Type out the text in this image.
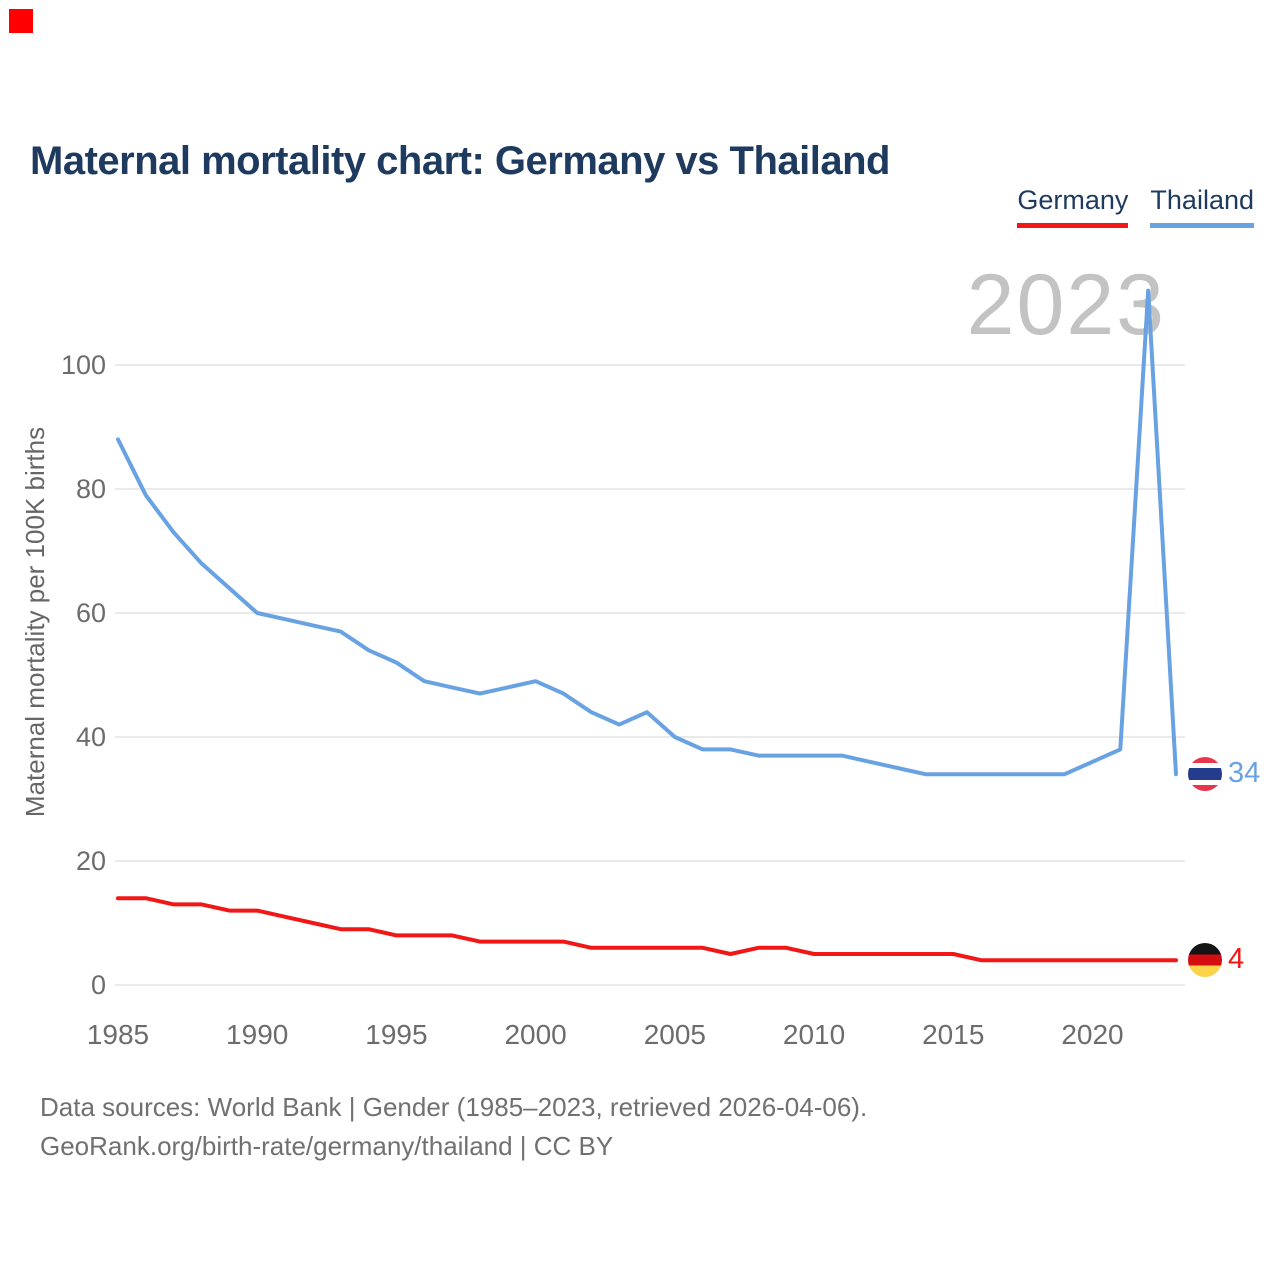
Maternal mortality chart: Germany vs Thailand
Germany Thailand
2023
0
20
40
60
80
100
1985	1990	1995	2000	2005	2010	2015	2020
Maternal mortality per 100K births	34
4
Data sources: World Bank | Gender (1985–2023, retrieved 2026-04-06).
GeoRank.org/birth-rate/germany/thailand | CC BY
